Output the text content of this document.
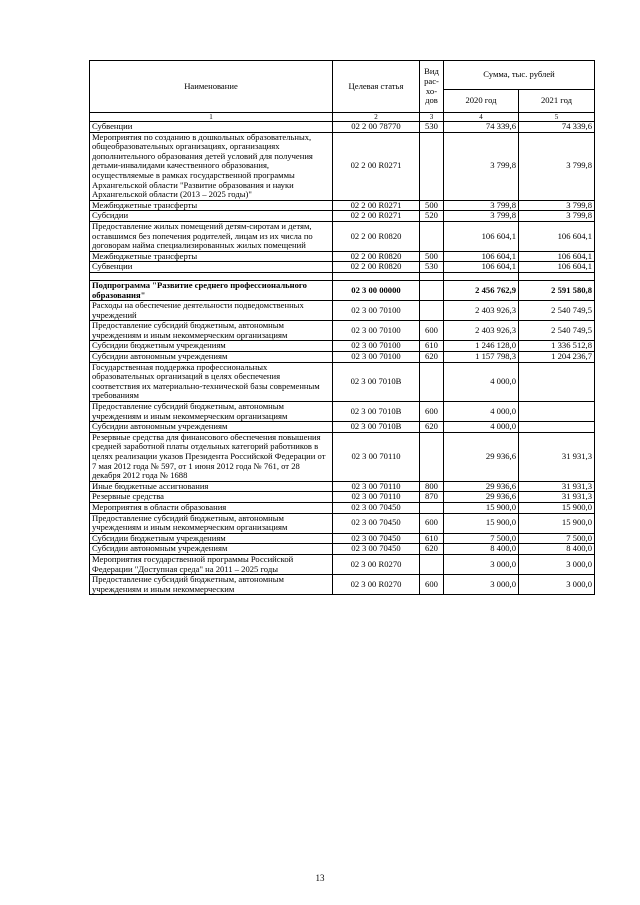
Наименование	Целевая статья	Вид рас-хо-дов	Сумма, тыс. рублей	
			2020 год	2021 год
1	2	3	4	5
Субвенции	02 2 00 78770	530	74 339,6	74 339,6
Мероприятия по созданию в дошкольных образовательных, общеобразовательных организациях, организациях дополнительного образования детей условий для получения детьми-инвалидами качественного образования, осуществляемые в рамках государственной программы Архангельской области "Развитие образования и науки Архангельской области (2013 – 2025 годы)"	02 2 00 R0271		3 799,8	3 799,8
Межбюджетные трансферты	02 2 00 R0271	500	3 799,8	3 799,8
Субсидии	02 2 00 R0271	520	3 799,8	3 799,8
Предоставление жилых помещений детям-сиротам и детям, оставшимся без попечения родителей, лицам из их числа по договорам найма специализированных жилых помещений	02 2 00 R0820		106 604,1	106 604,1
Межбюджетные трансферты	02 2 00 R0820	500	106 604,1	106 604,1
Субвенции	02 2 00 R0820	530	106 604,1	106 604,1

Подпрограмма "Развитие среднего профессионального образования"	02 3 00 00000		2 456 762,9	2 591 580,8
Расходы на обеспечение деятельности подведомственных учреждений	02 3 00 70100		2 403 926,3	2 540 749,5
Предоставление субсидий бюджетным, автономным учреждениям и иным некоммерческим организациям	02 3 00 70100	600	2 403 926,3	2 540 749,5
Субсидии бюджетным учреждениям	02 3 00 70100	610	1 246 128,0	1 336 512,8
Субсидии автономным учреждениям	02 3 00 70100	620	1 157 798,3	1 204 236,7
Государственная поддержка профессиональных образовательных организаций в целях обеспечения соответствия их материально-технической базы современным требованиям	02 3 00 7010В		4 000,0	
Предоставление субсидий бюджетным, автономным учреждениям и иным некоммерческим организациям	02 3 00 7010В	600	4 000,0	
Субсидии автономным учреждениям	02 3 00 7010В	620	4 000,0	
Резервные средства для финансового обеспечения повышения средней заработной платы отдельных категорий работников в целях реализации указов Президента Российской Федерации от 7 мая 2012 года № 597, от 1 июня 2012 года № 761, от 28 декабря 2012 года № 1688	02 3 00 70110		29 936,6	31 931,3
Иные бюджетные ассигнования	02 3 00 70110	800	29 936,6	31 931,3
Резервные средства	02 3 00 70110	870	29 936,6	31 931,3
Мероприятия в области образования	02 3 00 70450		15 900,0	15 900,0
Предоставление субсидий бюджетным, автономным учреждениям и иным некоммерческим организациям	02 3 00 70450	600	15 900,0	15 900,0
Субсидии бюджетным учреждениям	02 3 00 70450	610	7 500,0	7 500,0
Субсидии автономным учреждениям	02 3 00 70450	620	8 400,0	8 400,0
Мероприятия государственной программы Российской Федерации "Доступная среда" на 2011 – 2025 годы	02 3 00 R0270		3 000,0	3 000,0
Предоставление субсидий бюджетным, автономным учреждениям и иным некоммерческим	02 3 00 R0270	600	3 000,0	3 000,0
13
